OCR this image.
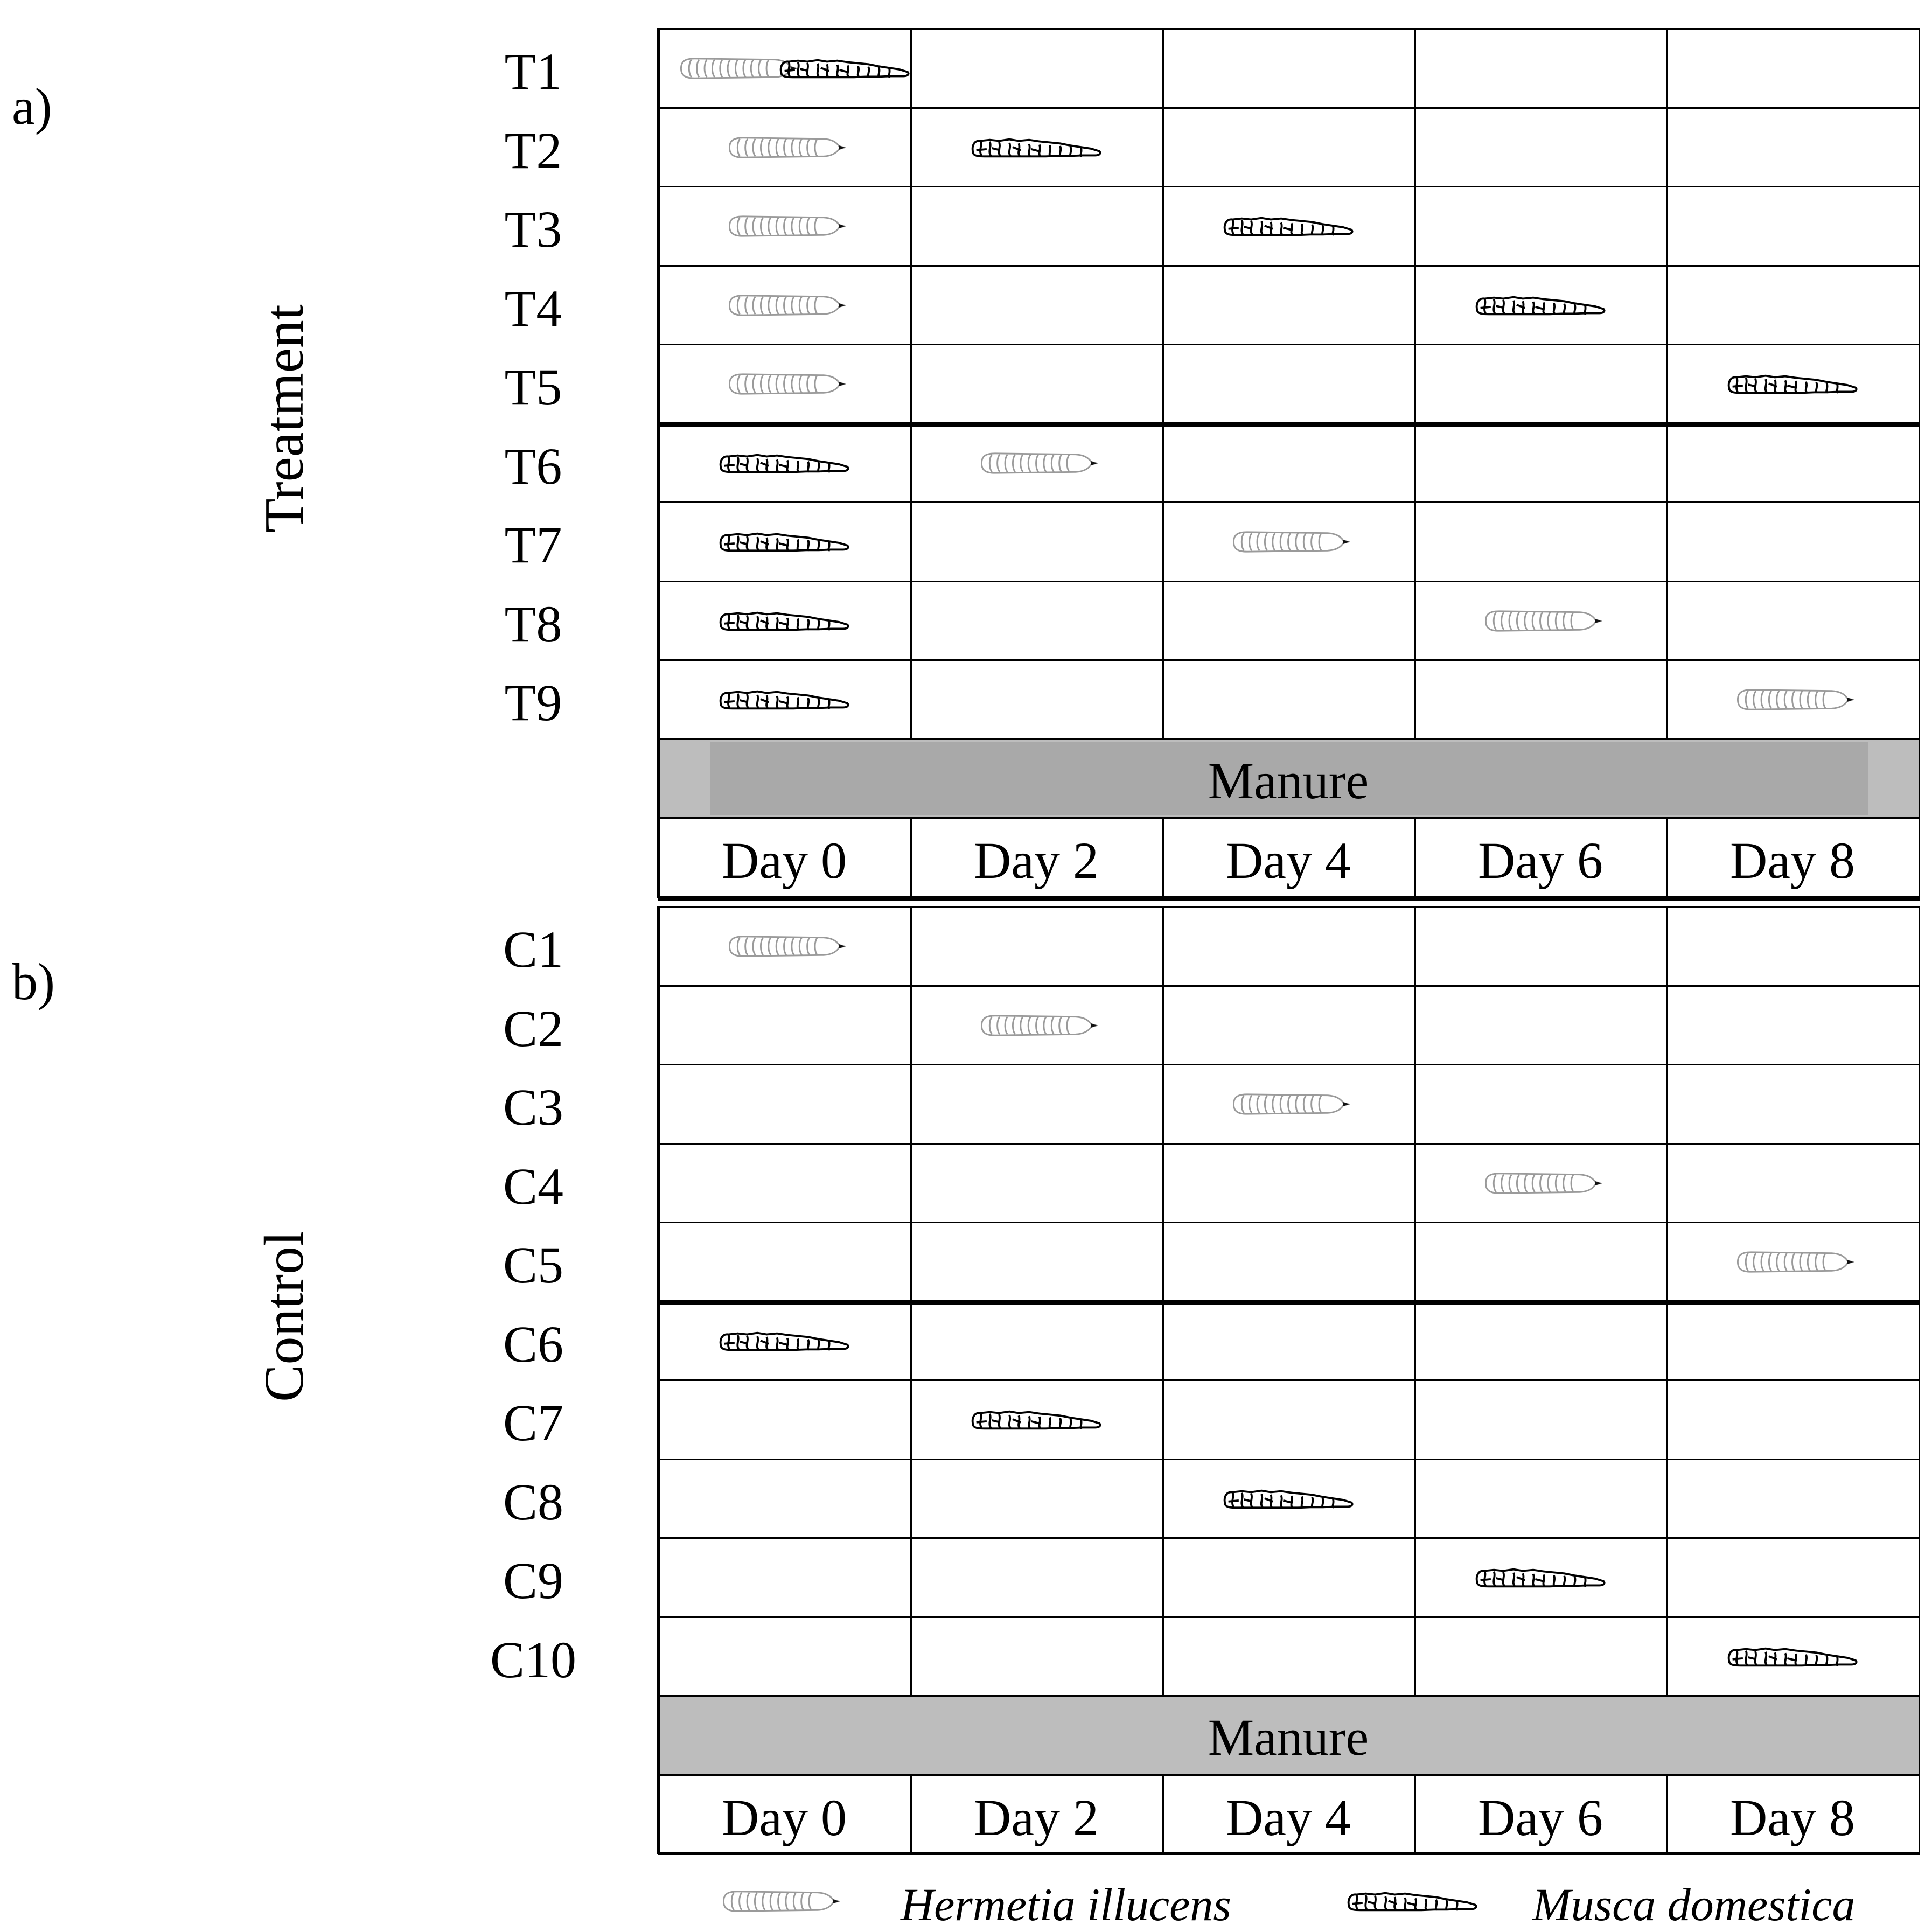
a)
Treatment
T1
T2
T3
T4
T5
T6
T7
T8
T9
Manure
Day 0 Day 2 Day 4 Day 6 Day 8
b)
Control
C1
C2
C3
C4
C5
C6
C7
C8
C9
C10
Manure
Day 0 Day 2 Day 4 Day 6 Day 8
Hermetia illucens	Musca domestica
